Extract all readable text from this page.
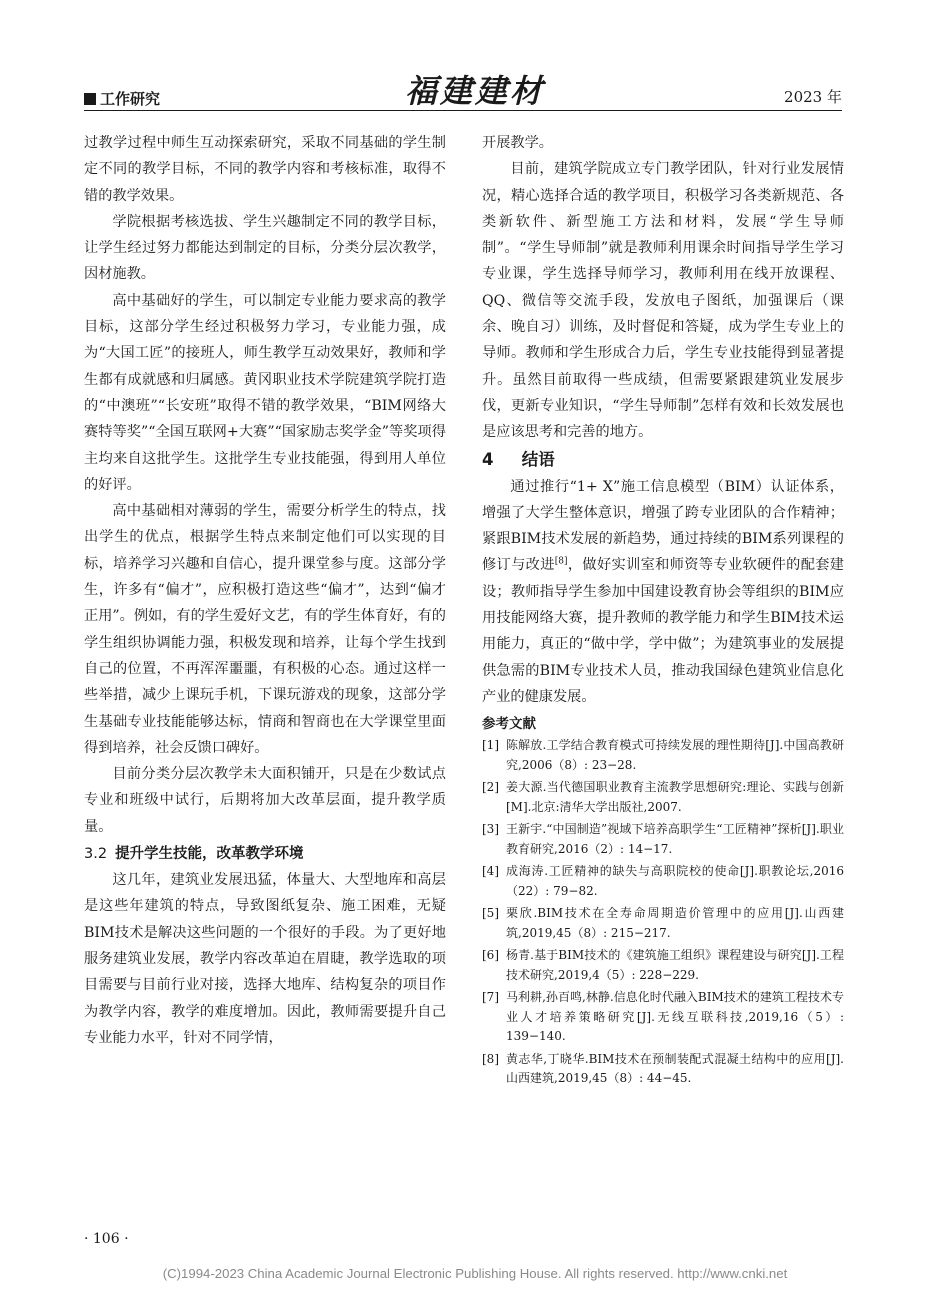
工作研究	福建建材	2023 年

过教学过程中师生互动探索研究，采取不同基础的学生制定不同的教学目标，不同的教学内容和考核标准，取得不错的教学效果。

学院根据考核选拔、学生兴趣制定不同的教学目标，让学生经过努力都能达到制定的目标，分类分层次教学，因材施教。

高中基础好的学生，可以制定专业能力要求高的教学目标，这部分学生经过积极努力学习，专业能力强，成为“大国工匠”的接班人，师生教学互动效果好，教师和学生都有成就感和归属感。黄冈职业技术学院建筑学院打造的“中澳班”“长安班”取得不错的教学效果，“BIM网络大赛特等奖”“全国互联网+大赛”“国家励志奖学金”等奖项得主均来自这批学生。这批学生专业技能强，得到用人单位的好评。

高中基础相对薄弱的学生，需要分析学生的特点，找出学生的优点，根据学生特点来制定他们可以实现的目标，培养学习兴趣和自信心，提升课堂参与度。这部分学生，许多有“偏才”，应积极打造这些“偏才”，达到“偏才正用”。例如，有的学生爱好文艺，有的学生体育好，有的学生组织协调能力强，积极发现和培养，让每个学生找到自己的位置，不再浑浑噩噩，有积极的心态。通过这样一些举措，减少上课玩手机，下课玩游戏的现象，这部分学生基础专业技能能够达标，情商和智商也在大学课堂里面得到培养，社会反馈口碑好。

目前分类分层次教学未大面积铺开，只是在少数试点专业和班级中试行，后期将加大改革层面，提升教学质量。

3.2 提升学生技能，改革教学环境

这几年，建筑业发展迅猛，体量大、大型地库和高层是这些年建筑的特点，导致图纸复杂、施工困难，无疑BIM技术是解决这些问题的一个很好的手段。为了更好地服务建筑业发展，教学内容改革迫在眉睫，教学选取的项目需要与目前行业对接，选择大地库、结构复杂的项目作为教学内容，教学的难度增加。因此，教师需要提升自己专业能力水平，针对不同学情，

开展教学。

目前，建筑学院成立专门教学团队，针对行业发展情况，精心选择合适的教学项目，积极学习各类新规范、各类新软件、新型施工方法和材料，发展“学生导师制”。“学生导师制”就是教师利用课余时间指导学生学习专业课，学生选择导师学习，教师利用在线开放课程、QQ、微信等交流手段，发放电子图纸，加强课后（课余、晚自习）训练，及时督促和答疑，成为学生专业上的导师。教师和学生形成合力后，学生专业技能得到显著提升。虽然目前取得一些成绩，但需要紧跟建筑业发展步伐，更新专业知识，“学生导师制”怎样有效和长效发展也是应该思考和完善的地方。

4 结语

通过推行“1+ X”施工信息模型（BIM）认证体系，增强了大学生整体意识，增强了跨专业团队的合作精神；紧跟BIM技术发展的新趋势，通过持续的BIM系列课程的修订与改进[8]，做好实训室和师资等专业软硬件的配套建设；教师指导学生参加中国建设教育协会等组织的BIM应用技能网络大赛，提升教师的教学能力和学生BIM技术运用能力，真正的“做中学，学中做”；为建筑事业的发展提供急需的BIM专业技术人员，推动我国绿色建筑业信息化产业的健康发展。

参考文献
[1] 陈解放.工学结合教育模式可持续发展的理性期待[J].中国高教研究,2006（8）: 23−28.
[2] 姜大源.当代德国职业教育主流教学思想研究:理论、实践与创新[M].北京:清华大学出版社,2007.
[3] 王新宇.“中国制造”视域下培养高职学生“工匠精神”探析[J].职业教育研究,2016（2）: 14−17.
[4] 成海涛.工匠精神的缺失与高职院校的使命[J].职教论坛,2016（22）: 79−82.
[5] 栗欣.BIM技术在全寿命周期造价管理中的应用[J].山西建筑,2019,45（8）: 215−217.
[6] 杨青.基于BIM技术的《建筑施工组织》课程建设与研究[J].工程技术研究,2019,4（5）: 228−229.
[7] 马利耕,孙百鸣,林静.信息化时代融入BIM技术的建筑工程技术专业人才培养策略研究[J].无线互联科技,2019,16（5）: 139−140.
[8] 黄志华,丁晓华.BIM技术在预制装配式混凝土结构中的应用[J].山西建筑,2019,45（8）: 44−45.
· 106 ·
(C)1994-2023 China Academic Journal Electronic Publishing House. All rights reserved. http://www.cnki.net
